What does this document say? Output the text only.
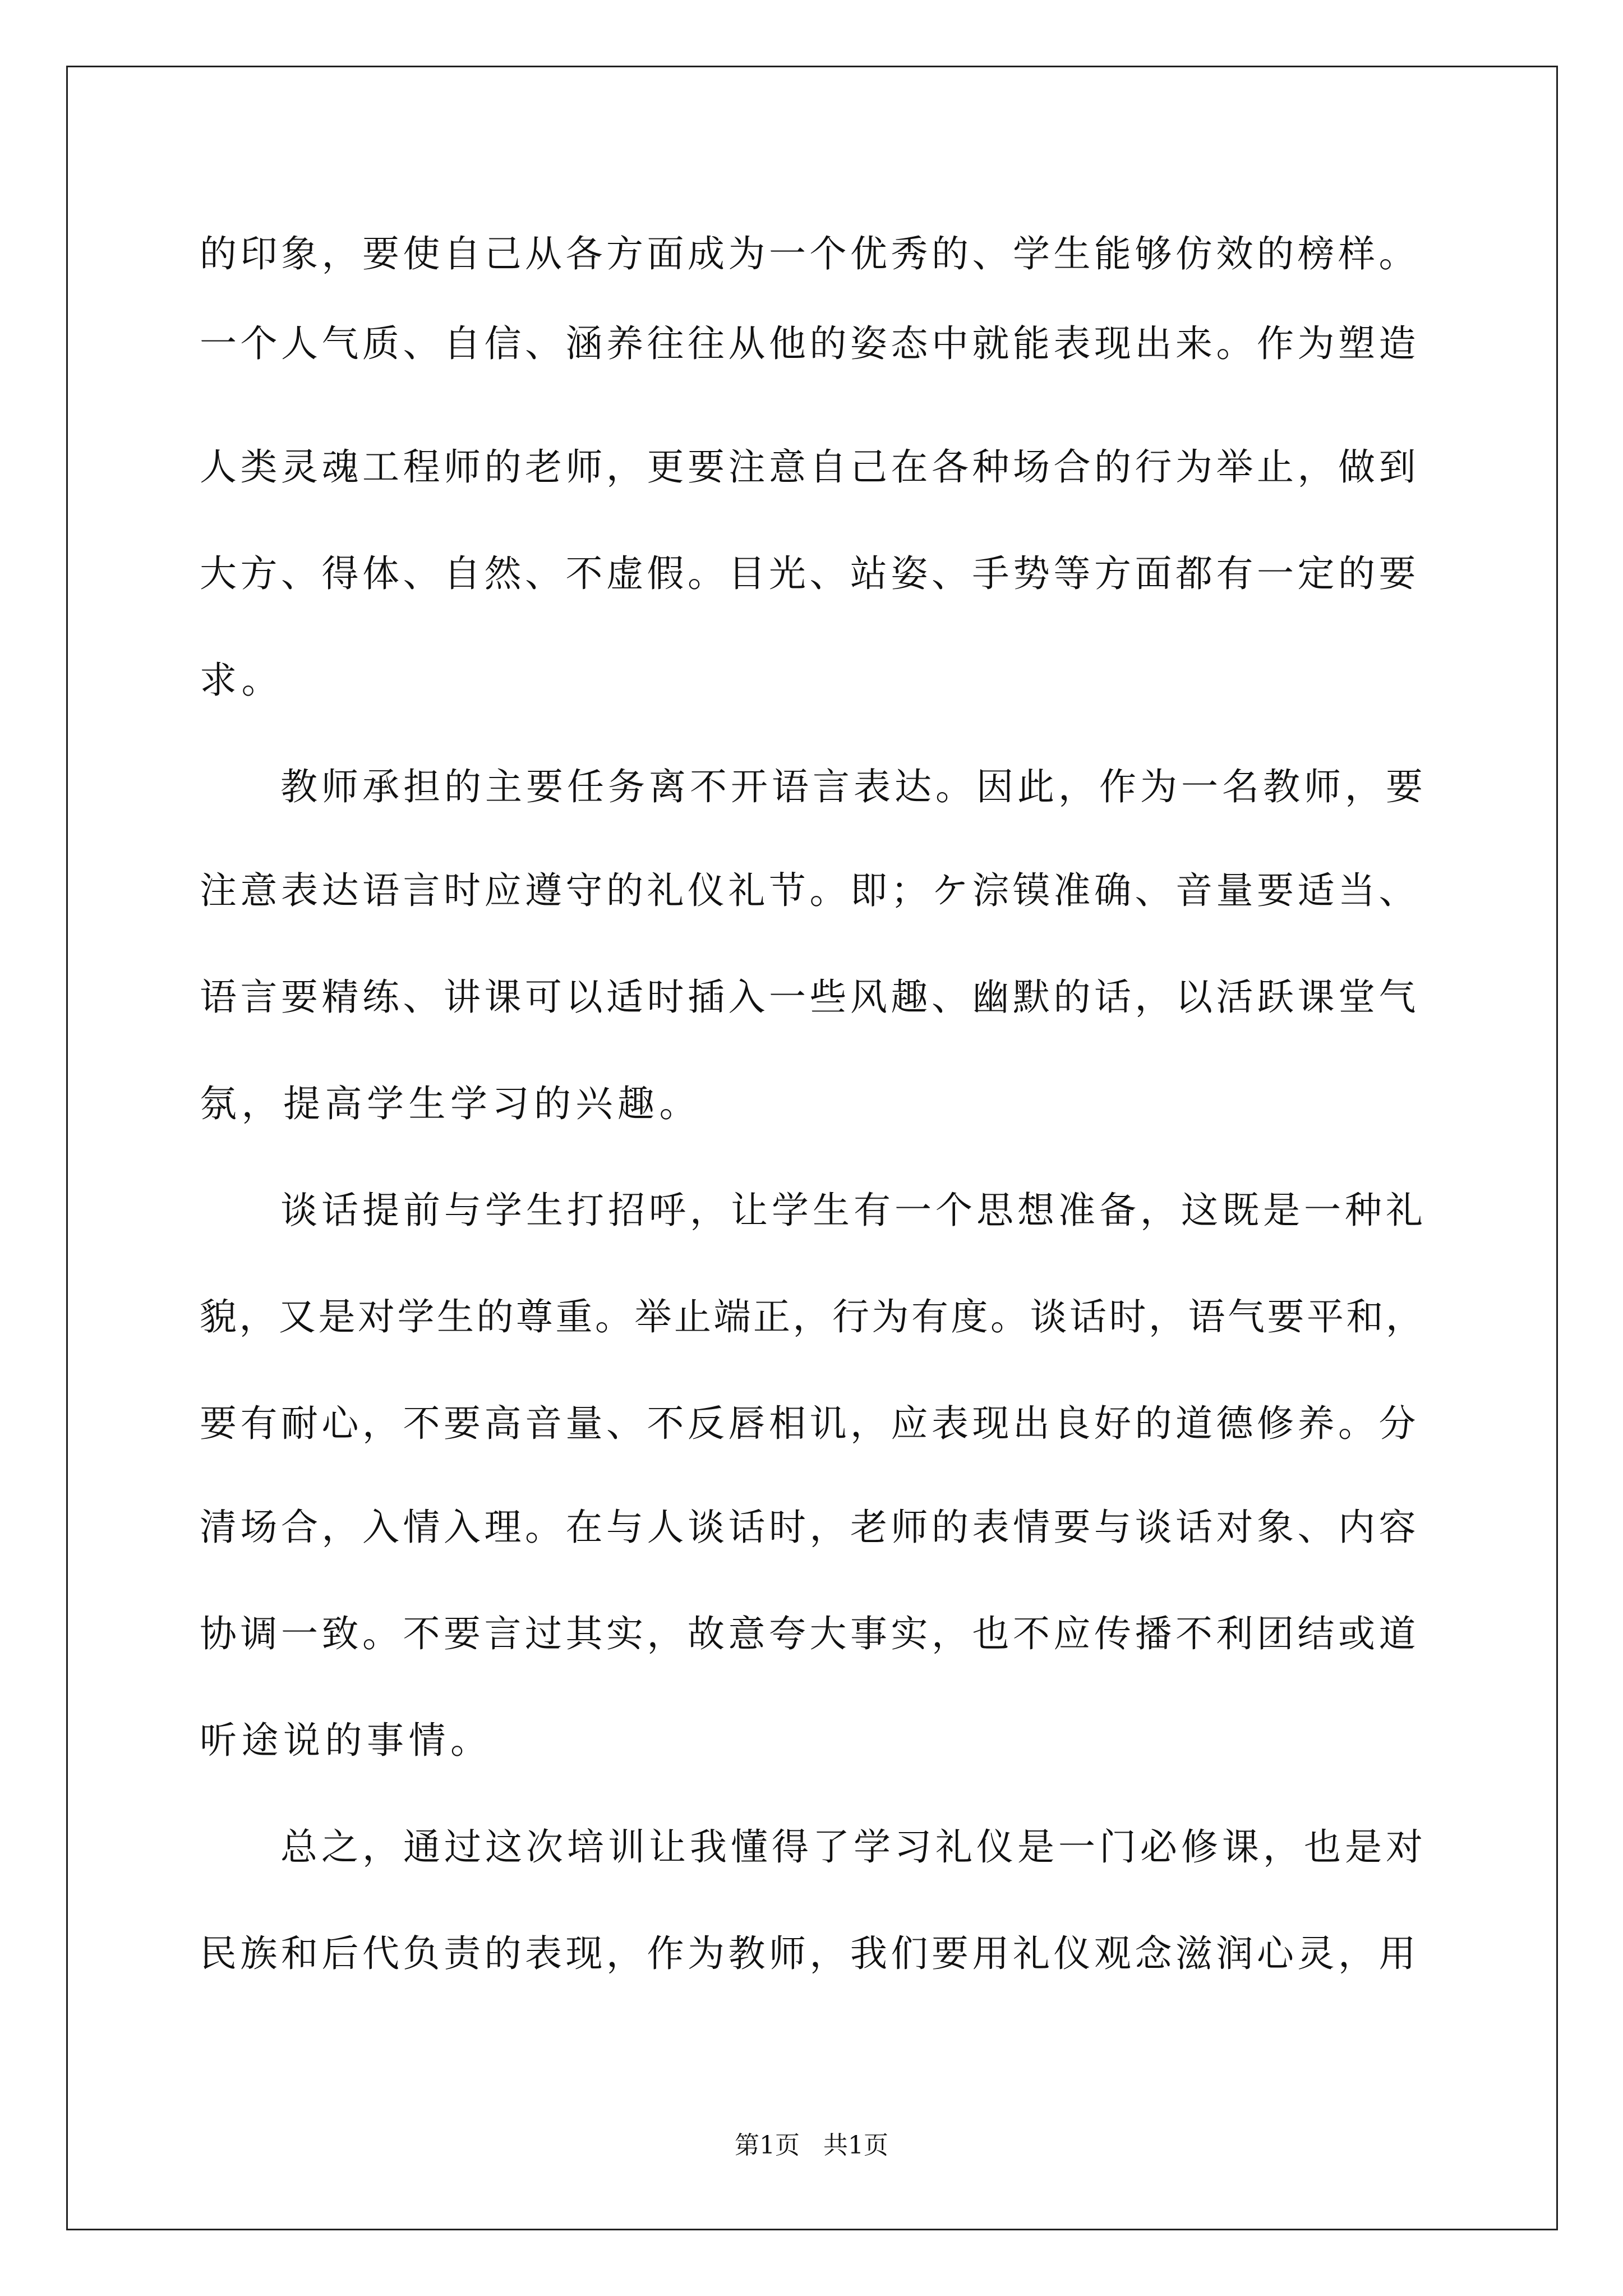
的印象，要使自己从各方面成为一个优秀的、学生能够仿效的榜样。
一个人气质、自信、涵养往往从他的姿态中就能表现出来。作为塑造
人类灵魂工程师的老师，更要注意自己在各种场合的行为举止，做到
大方、得体、自然、不虚假。目光、站姿、手势等方面都有一定的要
求。
教师承担的主要任务离不开语言表达。因此，作为一名教师，要
注意表达语言时应遵守的礼仪礼节。即；ケ淙镆准确、音量要适当、
语言要精练、讲课可以适时插入一些风趣、幽默的话，以活跃课堂气
氛，提高学生学习的兴趣。
谈话提前与学生打招呼，让学生有一个思想准备，这既是一种礼
貌，又是对学生的尊重。举止端正，行为有度。谈话时，语气要平和，
要有耐心，不要高音量、不反唇相讥，应表现出良好的道德修养。分
清场合，入情入理。在与人谈话时，老师的表情要与谈话对象、内容
协调一致。不要言过其实，故意夸大事实，也不应传播不利团结或道
听途说的事情。
总之，通过这次培训让我懂得了学习礼仪是一门必修课，也是对
民族和后代负责的表现，作为教师，我们要用礼仪观念滋润心灵，用
第1页   共1页
